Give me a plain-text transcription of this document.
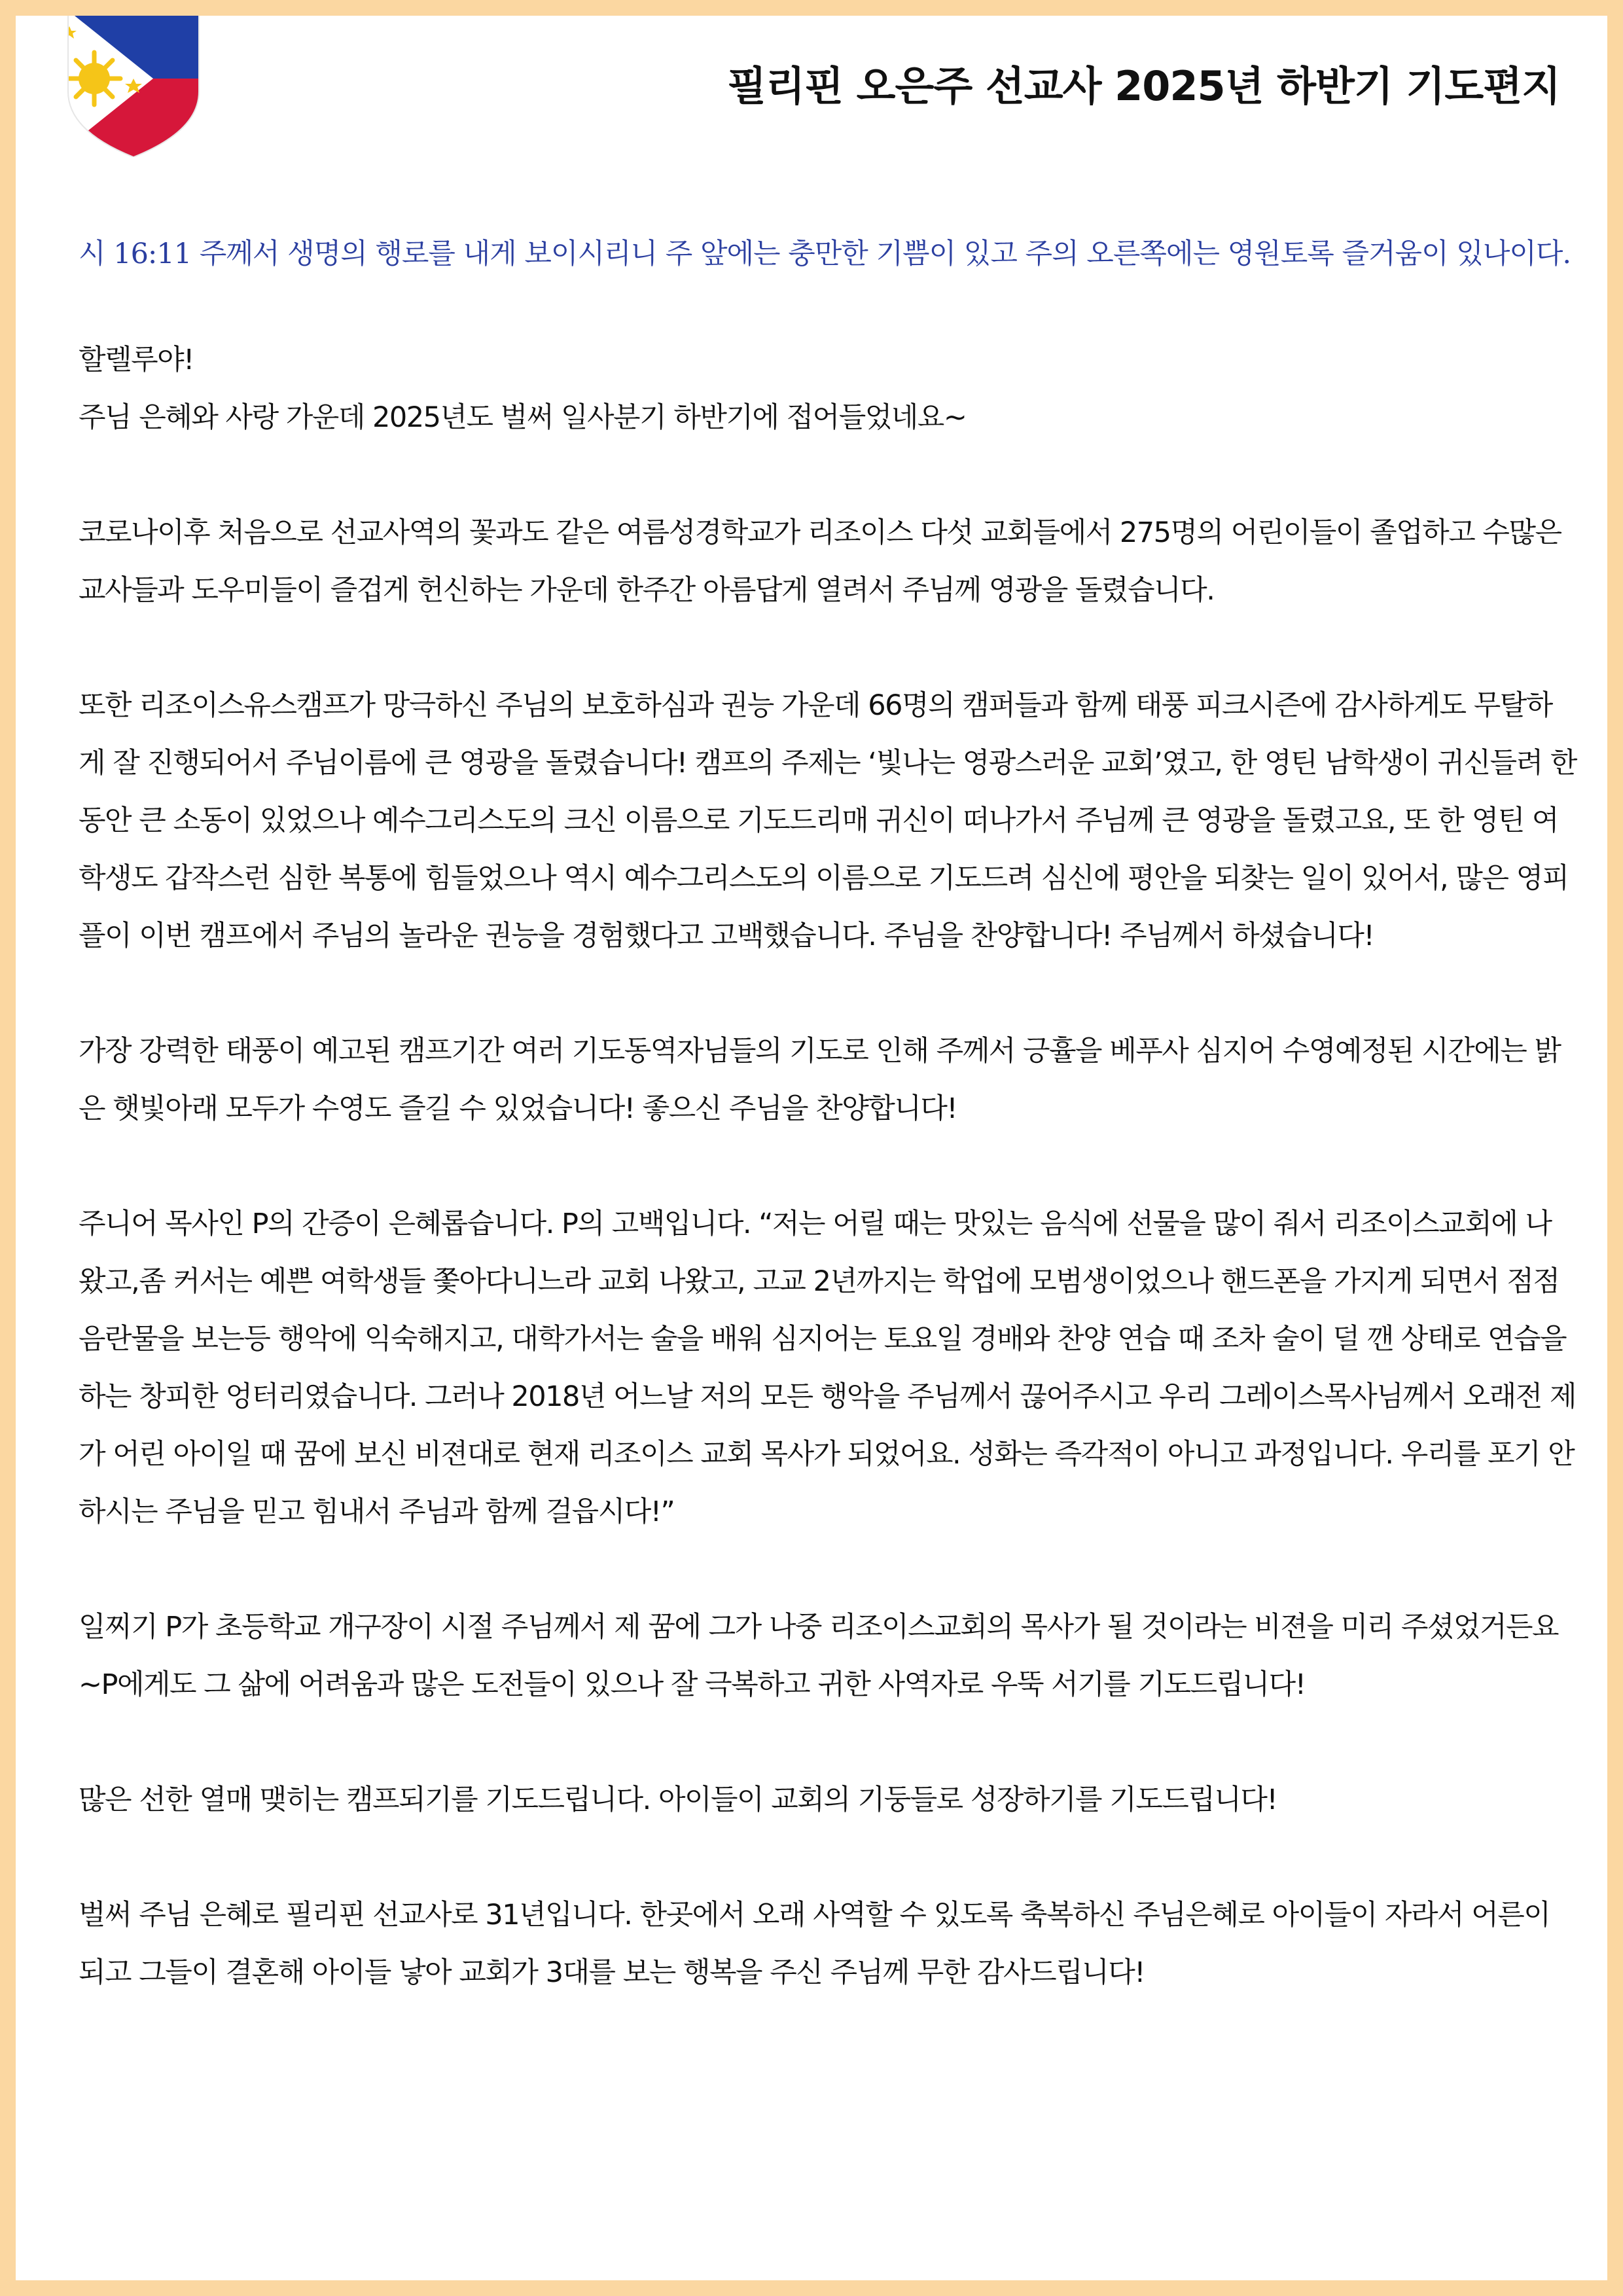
필리핀 오은주 선교사 2025년 하반기 기도편지

시 16:11 주께서 생명의 행로를 내게 보이시리니 주 앞에는 충만한 기쁨이 있고 주의 오른쪽에는 영원토록 즐거움이 있나이다.

할렐루야!
주님 은혜와 사랑 가운데 2025년도 벌써 일사분기 하반기에 접어들었네요~

코로나이후 처음으로 선교사역의 꽃과도 같은 여름성경학교가 리조이스 다섯 교회들에서 275명의 어린이들이 졸업하고 수많은 교사들과 도우미들이 즐겁게 헌신하는 가운데 한주간 아름답게 열려서 주님께 영광을 돌렸습니다.

또한 리조이스유스캠프가 망극하신 주님의 보호하심과 권능 가운데 66명의 캠퍼들과 함께 태풍 피크시즌에 감사하게도 무탈하게 잘 진행되어서 주님이름에 큰 영광을 돌렸습니다! 캠프의 주제는 ‘빛나는 영광스러운 교회’였고, 한 영틴 남학생이 귀신들려 한동안 큰 소동이 있었으나 예수그리스도의 크신 이름으로 기도드리매 귀신이 떠나가서 주님께 큰 영광을 돌렸고요, 또 한 영틴 여학생도 갑작스런 심한 복통에 힘들었으나 역시 예수그리스도의 이름으로 기도드려 심신에 평안을 되찾는 일이 있어서, 많은 영피플이 이번 캠프에서 주님의 놀라운 권능을 경험했다고 고백했습니다. 주님을 찬양합니다! 주님께서 하셨습니다!

가장 강력한 태풍이 예고된 캠프기간 여러 기도동역자님들의 기도로 인해 주께서 긍휼을 베푸사 심지어 수영예정된 시간에는 밝은 햇빛아래 모두가 수영도 즐길 수 있었습니다! 좋으신 주님을 찬양합니다!

주니어 목사인 P의 간증이 은혜롭습니다. P의 고백입니다. “저는 어릴 때는 맛있는 음식에 선물을 많이 줘서 리조이스교회에 나왔고,좀 커서는 예쁜 여학생들 쫓아다니느라 교회 나왔고, 고교 2년까지는 학업에 모범생이었으나 핸드폰을 가지게 되면서 점점 음란물을 보는등 행악에 익숙해지고, 대학가서는 술을 배워 심지어는 토요일 경배와 찬양 연습 때 조차 술이 덜 깬 상태로 연습을 하는 창피한 엉터리였습니다. 그러나 2018년 어느날 저의 모든 행악을 주님께서 끊어주시고 우리 그레이스목사님께서 오래전 제가 어린 아이일 때 꿈에 보신 비젼대로 현재 리조이스 교회 목사가 되었어요. 성화는 즉각적이 아니고 과정입니다. 우리를 포기 안하시는 주님을 믿고 힘내서 주님과 함께 걸읍시다!”

일찌기 P가 초등학교 개구장이 시절 주님께서 제 꿈에 그가 나중 리조이스교회의 목사가 될 것이라는 비젼을 미리 주셨었거든요~P에게도 그 삶에 어려움과 많은 도전들이 있으나 잘 극복하고 귀한 사역자로 우뚝 서기를 기도드립니다!

많은 선한 열매 맺히는 캠프되기를 기도드립니다. 아이들이 교회의 기둥들로 성장하기를 기도드립니다!

벌써 주님 은혜로 필리핀 선교사로 31년입니다. 한곳에서 오래 사역할 수 있도록 축복하신 주님은혜로 아이들이 자라서 어른이 되고 그들이 결혼해 아이들 낳아 교회가 3대를 보는 행복을 주신 주님께 무한 감사드립니다!
